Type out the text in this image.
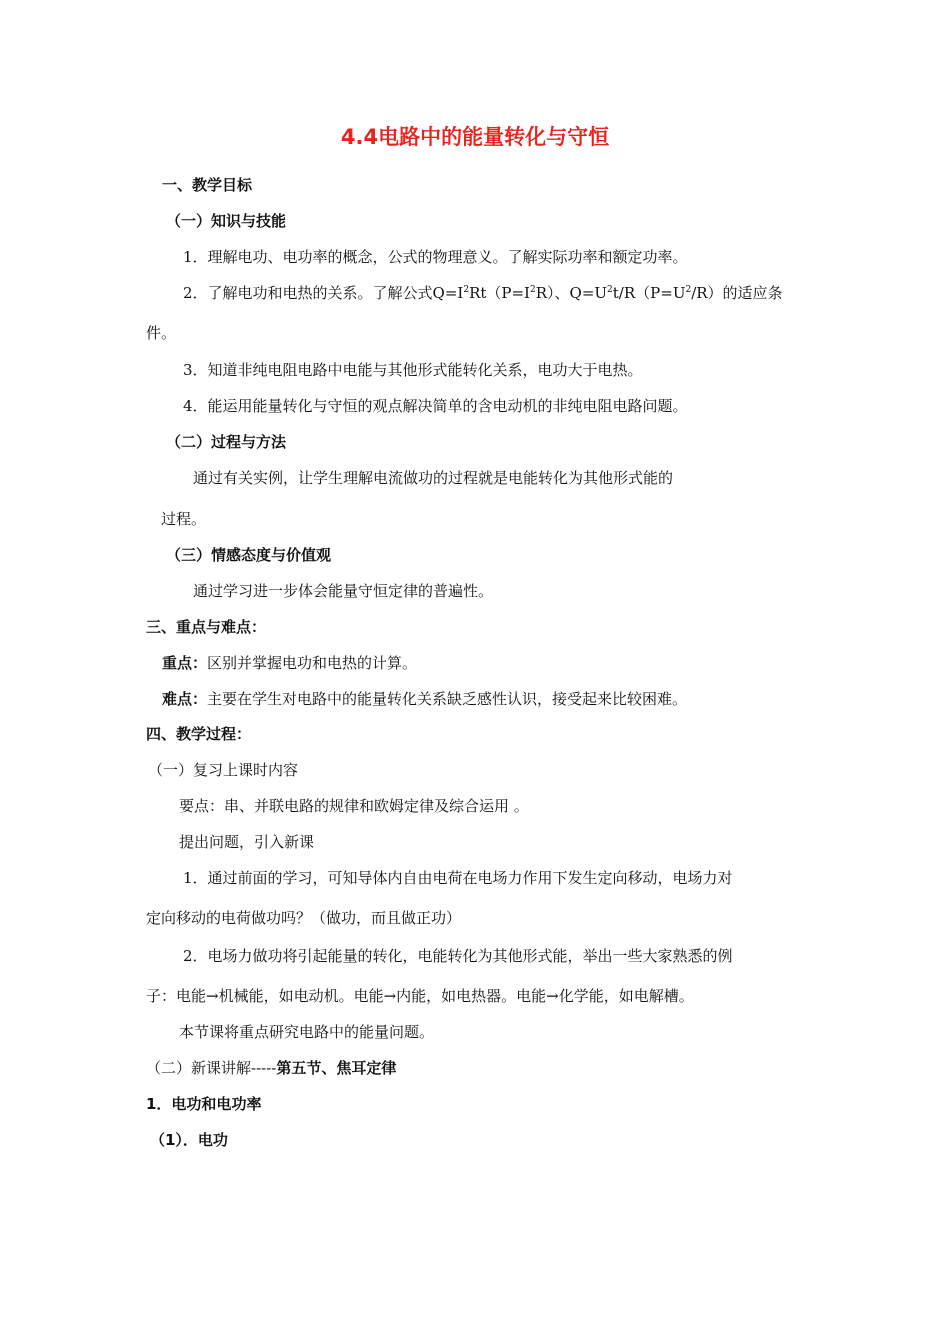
4.4电路中的能量转化与守恒
一、教学目标
（一）知识与技能
1．理解电功、电功率的概念，公式的物理意义。了解实际功率和额定功率。
2．了解电功和电热的关系。了解公式$Q=I^2Rt(P=I^2R)$、$Q=U^2t/R(P=U^2/R)$的适应条
件。
3．知道非纯电阻电路中电能与其他形式能转化关系，电功大于电热。
4．能运用能量转化与守恒的观点解决简单的含电动机的非纯电阻电路问题。
（二）过程与方法
通过有关实例，让学生理解电流做功的过程就是电能转化为其他形式能的
过程。
（三）情感态度与价值观
通过学习进一步体会能量守恒定律的普遍性。
三、重点与难点：
重点：区别并掌握电功和电热的计算。
难点：主要在学生对电路中的能量转化关系缺乏感性认识，接受起来比较困难。
四、教学过程：
（一）复习上课时内容
要点：串、并联电路的规律和欧姆定律及综合运用 。
提出问题，引入新课
1．通过前面的学习，可知导体内自由电荷在电场力作用下发生定向移动，电场力对
定向移动的电荷做功吗？（做功，而且做正功）
2．电场力做功将引起能量的转化，电能转化为其他形式能，举出一些大家熟悉的例
子：电能→机械能，如电动机。电能→内能，如电热器。电能→化学能，如电解槽。
本节课将重点研究电路中的能量问题。
（二）新课讲解-----第五节、焦耳定律
1．电功和电功率
（1）．电功
